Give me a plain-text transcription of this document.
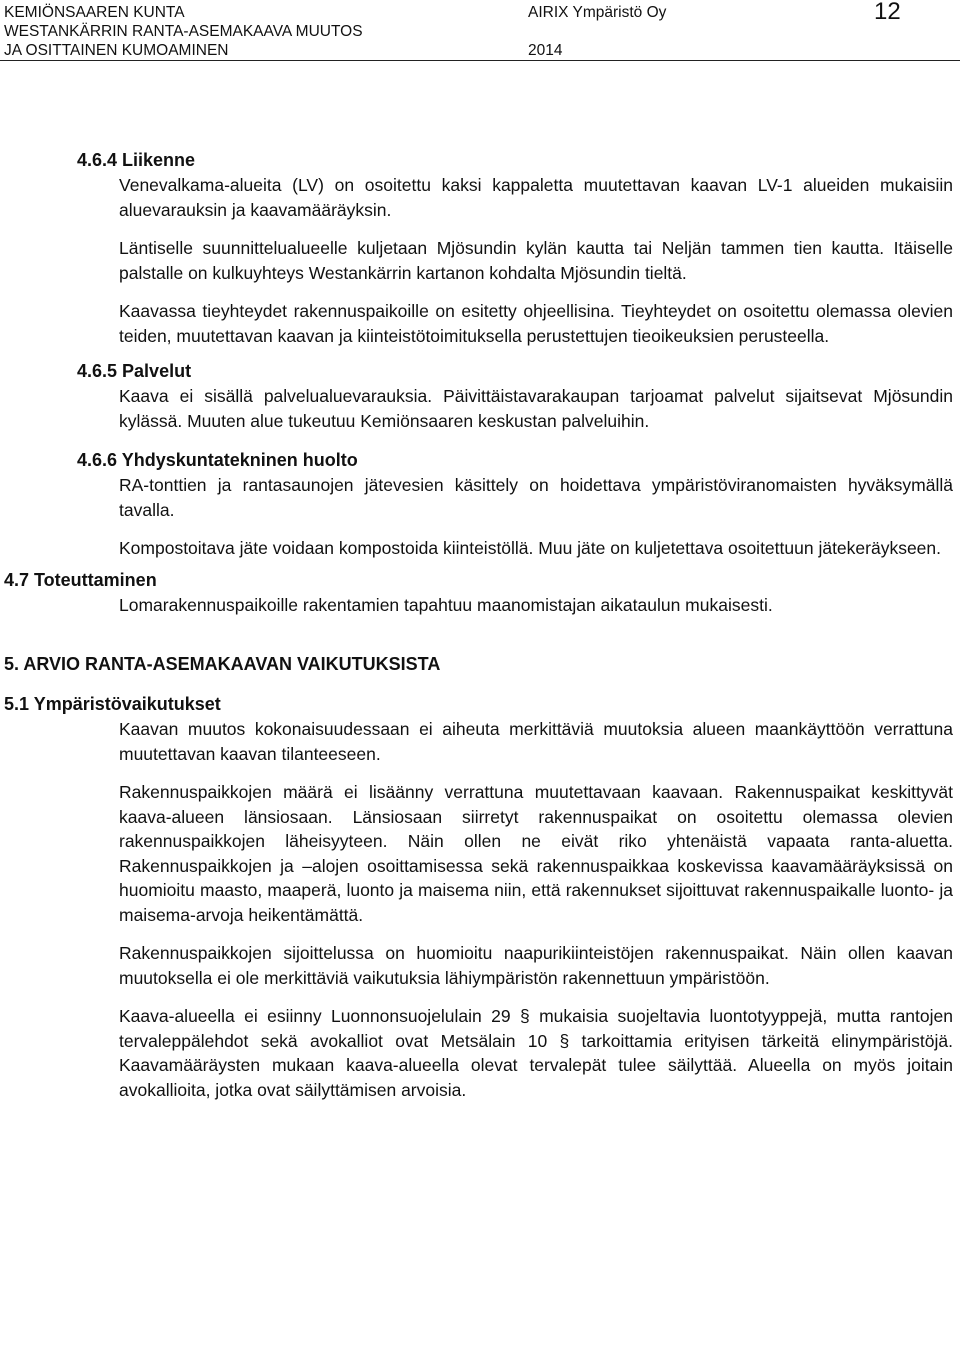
KEMIÖNSAAREN KUNTA
WESTANKÄRRIN RANTA-ASEMAKAAVA MUUTOS
JA OSITTAINEN KUMOAMINEN
AIRIX Ympäristö Oy
2014
12
4.6.4 Liikenne
Venevalkama-alueita (LV) on osoitettu kaksi kappaletta muutettavan kaavan LV-1 alueiden mukaisiin aluevarauksin ja kaavamääräyksin.
Läntiselle suunnittelualueelle kuljetaan Mjösundin kylän kautta tai Neljän tammen tien kautta. Itäiselle palstalle on kulkuyhteys Westankärrin kartanon kohdalta Mjösundin tieltä.
Kaavassa tieyhteydet rakennuspaikoille on esitetty ohjeellisina. Tieyhteydet on osoitettu olemassa olevien teiden, muutettavan kaavan ja kiinteistötoimituksella perustettujen tieoikeuksien perusteella.
4.6.5 Palvelut
Kaava ei sisällä palvelualuevarauksia. Päivittäistavarakaupan tarjoamat palvelut sijaitsevat Mjösundin kylässä. Muuten alue tukeutuu Kemiönsaaren keskustan palveluihin.
4.6.6 Yhdyskuntatekninen huolto
RA-tonttien ja rantasaunojen jätevesien käsittely on hoidettava ympäristöviranomaisten hyväksymällä tavalla.
Kompostoitava jäte voidaan kompostoida kiinteistöllä. Muu jäte on kuljetettava osoitettuun jätekeräykseen.
4.7 Toteuttaminen
Lomarakennuspaikoille rakentamien tapahtuu maanomistajan aikataulun mukaisesti.
5. ARVIO RANTA-ASEMAKAAVAN VAIKUTUKSISTA
5.1 Ympäristövaikutukset
Kaavan muutos kokonaisuudessaan ei aiheuta merkittäviä muutoksia alueen maankäyttöön verrattuna muutettavan kaavan tilanteeseen.
Rakennuspaikkojen määrä ei lisäänny verrattuna muutettavaan kaavaan. Rakennuspaikat keskittyvät kaava-alueen länsiosaan. Länsiosaan siirretyt rakennuspaikat on osoitettu olemassa olevien rakennuspaikkojen läheisyyteen. Näin ollen ne eivät riko yhtenäistä vapaata ranta-aluetta. Rakennuspaikkojen ja –alojen osoittamisessa sekä rakennuspaikkaa koskevissa kaavamääräyksissä on huomioitu maasto, maaperä, luonto ja maisema niin, että rakennukset sijoittuvat rakennuspaikalle luonto- ja maisema-arvoja heikentämättä.
Rakennuspaikkojen sijoittelussa on huomioitu naapurikiinteistöjen rakennuspaikat. Näin ollen kaavan muutoksella ei ole merkittäviä vaikutuksia lähiympäristön rakennettuun ympäristöön.
Kaava-alueella ei esiinny Luonnonsuojelulain 29 § mukaisia suojeltavia luontotyyppejä, mutta rantojen tervaleppälehdot sekä avokalliot ovat Metsälain 10 § tarkoittamia erityisen tärkeitä elinympäristöjä. Kaavamääräysten mukaan kaava-alueella olevat tervalepät tulee säilyttää. Alueella on myös joitain avokallioita, jotka ovat säilyttämisen arvoisia.
